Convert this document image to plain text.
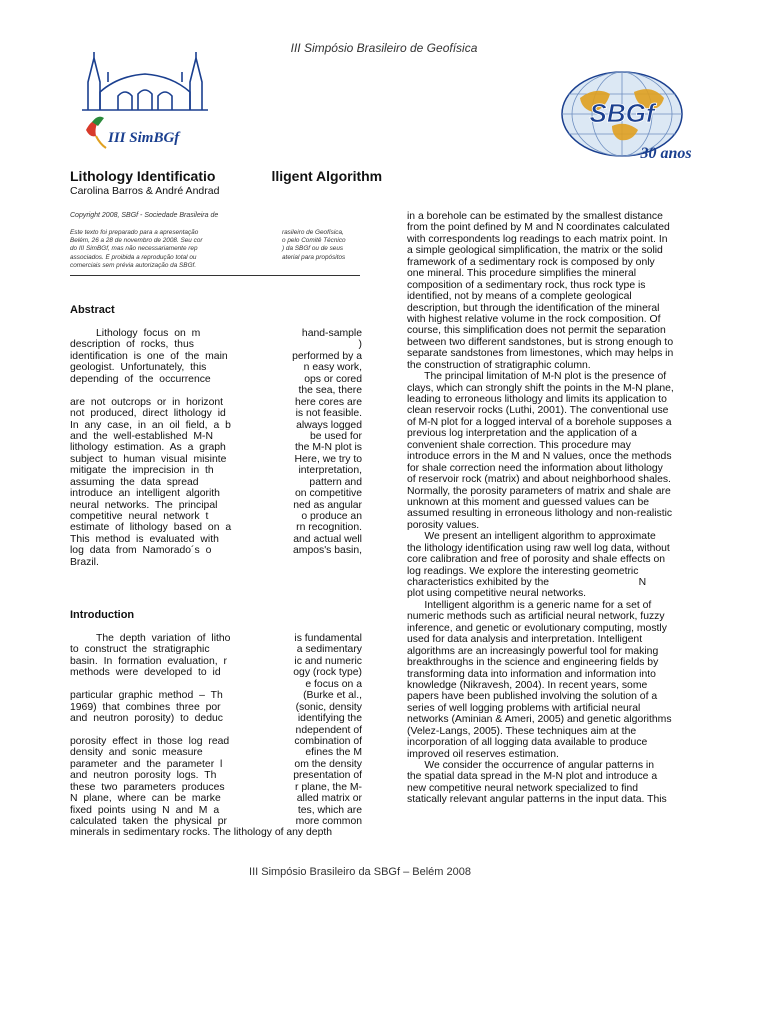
III Simpósio Brasileiro de Geofísica
III SimBGf
SBGf
30 anos
Lithology Identificatio	lligent Algorithm
Carolina Barros & André Andrad
Copyright 2008, SBGf - Sociedade Brasileira de
Este texto foi preparado para a apresentação	rasileiro de Geofísica,
Belém, 26 a 28 de novembro de 2008. Seu cor	o pelo Comitê Técnico
do III SimBGf, mas não necessariamente rep	) da SBGf ou de seus
associados. É proibida a reprodução total ou	aterial para propósitos
comerciais sem prévia autorização da SBGf.
Abstract
Lithology focus on m	hand-sample
description of rocks, thus	)
identification is one of the main	performed by a
geologist. Unfortunately, this	n easy work,
depending of the occurrence	ops or cored
the sea, there
are not outcrops or in horizont	here cores are
not produced, direct lithology id	is not feasible.
In any case, in an oil field, a b	always logged
and the well-established M-N	be used for
lithology estimation. As a graph	the M-N plot is
subject to human visual misinte	Here, we try to
mitigate the imprecision in th	interpretation,
assuming the data spread	pattern and
introduce an intelligent algorith	on competitive
neural networks. The principal	ned as angular
competitive neural network t	o produce an
estimate of lithology based on a	rn recognition.
This method is evaluated with	and actual well
log data from Namorado´s o	ampos's basin,
Brazil.
Introduction
The depth variation of litho	is fundamental
to construct the stratigraphic	a sedimentary
basin. In formation evaluation, r	ic and numeric
methods were developed to id	ogy (rock type)
e focus on a
particular graphic method – Th	(Burke et al.,
1969) that combines three por	(sonic, density
and neutron porosity) to deduc	identifying the
ndependent of
porosity effect in those log read	combination of
density and sonic measure	efines the M
parameter and the parameter l	om the density
and neutron porosity logs. Th	presentation of
these two parameters produces	r plane, the M-
N plane, where can be marke	alled matrix or
fixed points using N and M a	tes, which are
calculated taken the physical pr	more common
minerals in sedimentary rocks. The lithology of any depth
in a borehole can be estimated by the smallest distance
from the point defined by M and N coordinates calculated
with correspondents log readings to each matrix point. In
a simple geological simplification, the matrix or the solid
framework of a sedimentary rock is composed by only
one mineral. This procedure simplifies the mineral
composition of a sedimentary rock, thus rock type is
identified, not by means of a complete geological
description, but through the identification of the mineral
with highest relative volume in the rock composition. Of
course, this simplification does not permit the separation
between two different sandstones, but is strong enough to
separate sandstones from limestones, which may helps in
the construction of stratigraphic column.
The principal limitation of M-N plot is the presence of
clays, which can strongly shift the points in the M-N plane,
leading to erroneous lithology and limits its application to
clean reservoir rocks (Luthi, 2001). The conventional use
of M-N plot for a logged interval of a borehole supposes a
previous log interpretation and the application of a
convenient shale correction. This procedure may
introduce errors in the M and N values, once the methods
for shale correction need the information about lithology
of reservoir rock (matrix) and about neighborhood shales.
Normally, the porosity parameters of matrix and shale are
unknown at this moment and guessed values can be
assumed resulting in erroneous lithology and non-realistic
porosity values.
We present an intelligent algorithm to approximate
the lithology identification using raw well log data, without
core calibration and free of porosity and shale effects on
log readings. We explore the interesting geometric
characteristics exhibited by the                               N
plot using competitive neural networks.
Intelligent algorithm is a generic name for a set of
numeric methods such as artificial neural network, fuzzy
inference, and genetic or evolutionary computing, mostly
used for data analysis and interpretation. Intelligent
algorithms are an increasingly powerful tool for making
breakthroughs in the science and engineering fields by
transforming data into information and information into
knowledge (Nikravesh, 2004). In recent years, some
papers have been published involving the solution of a
series of well logging problems with artificial neural
networks (Aminian & Ameri, 2005) and genetic algorithms
(Velez-Langs, 2005). These techniques aim at the
incorporation of all logging data available to produce
improved oil reserves estimation.
We consider the occurrence of angular patterns in
the spatial data spread in the M-N plot and introduce a
new competitive neural network specialized to find
statically relevant angular patterns in the input data. This
III Simpósio Brasileiro da SBGf – Belém 2008
